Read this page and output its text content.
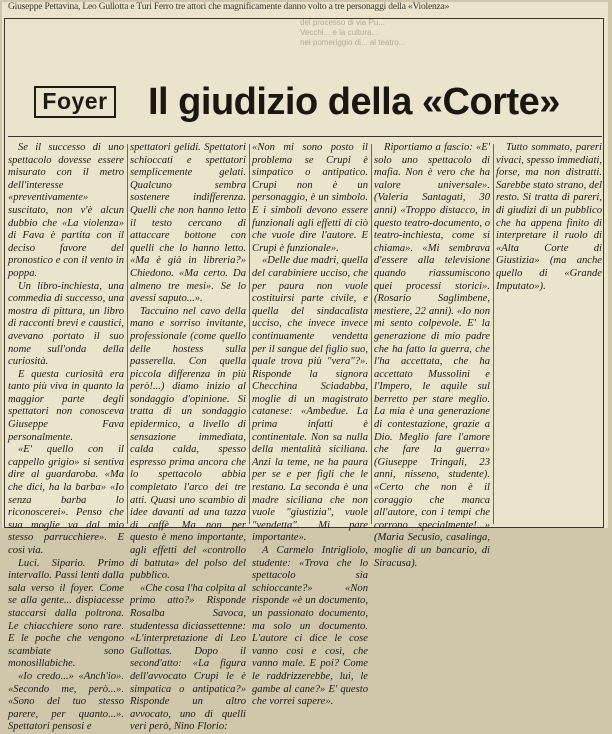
Giuseppe Pettavina, Leo Gullotta e Turi Ferro tre attori che magnificamente danno volto a tre personaggi della «Violenza»
del processo di via Pu...
Vecchi... e la cultura...
nel pomeriggio di... al teatro...
Foyer Il giudizio della «Corte»

Se il successo di uno spettacolo dovesse essere misurato con il metro dell'interesse «preventivamente» suscitato, non v'è alcun dubbio che «La violenza» di Fava è partita con il deciso favore del pronostico e con il vento in poppa.

Un libro-inchiesta, una commedia di successo, una mostra di pittura, un libro di racconti brevi e caustici, avevano portato il suo nome sull'onda della curiosità.

E questa curiosità era tanto più viva in quanto la maggior parte degli spettatori non conosceva Giuseppe Fava personalmente.

«E' quello con il cappello grigio» si sentiva dire al guardaroba. «Ma che dici, ha la barba» «Io senza barba lo riconoscerei». Penso che sua moglie va dal mio stesso parrucchiere». E così via.

Luci. Sipario. Primo intervallo. Passi lenti dalla sala verso il foyer. Come se alla gente... dispiacesse staccarsi dalla poltrona. Le chiacchiere sono rare. E le poche che vengono scambiate sono monosillabiche.

«Io credo...» «Anch'io». «Secondo me, però...». «Sono del tuo stesso parere, per quanto...». Spettatori pensosi e

spettatori gelidi. Spettatori schioccati e spettatori semplicemente gelati. Qualcuno sembra sostenere indifferenza. Quelli che non hanno letto il testo cercano di attaccare bottone con quelli che lo hanno letto. «Ma è già in libreria?» Chiedono. «Ma certo. Da almeno tre mesi». Se lo avessi saputo...».

Taccuino nel cavo della mano e sorriso invitante, professionale (come quello delle hostess sulla passerella. Con quella piccola differenza in più però!...) diamo inizio al sondaggio d'opinione. Si tratta di un sondaggio epidermico, a livello di sensazione immediata, calda calda, spesso espresso prima ancora che lo spettacolo abbia completato l'arco dei tre atti. Quasi uno scambio di idee davanti ad una tazza di caffè. Ma non per questo è meno importante, agli effetti del «controllo di battuta» del polso del pubblico.

«Che cosa l'ha colpita al primo atto?» Risponde Rosalba Savoca, studentessa diciassettenne: «L'interpretazione di Leo Gullottas. Dopo il second'atto: «La figura dell'avvocato Crupi le è simpatica o antipatica?» Risponde un altro avvocato, uno di quelli veri però, Nino Florio:

«Non mi sono posto il problema se Crupi è simpatico o antipatico. Crupi non è un personaggio, è un simbolo. E i simboli devono essere funzionali agli effetti di ciò che vuole dire l'autore. E Crupi è funzionale».

«Delle due madri, quella del carabiniere ucciso, che per paura non vuole costituirsi parte civile, e quella del sindacalista ucciso, che invece invece continuamente vendetta per il sangue del figlio suo, quale trova più "vera"?». Risponde la signora Checchina Sciadabba, moglie di un magistrato catanese: «Ambedue. La prima infatti è continentale. Non sa nulla della mentalità siciliana. Anzi la teme, ne ha paura per se e per figli che le restano. La seconda è una madre siciliana che non vuole "giustizia", vuole "vendetta". Mi pare importante».

A Carmelo Intrigliolo, studente: «Trova che lo spettacolo sia schioccante?» «Non risponde «è un documento, un passionato documento, ma solo un documento. L'autore ci dice le cose vanno così e così, che vanno male. E poi? Come le raddrizzerebbe, lui, le gambe al cane?» E' questo che vorrei sapere».

Riportiamo a fascio: «E' solo uno spettacolo di mafia. Non è vero che ha valore universale». (Valeria Santagati, 30 anni) «Troppo distacco, in questo teatro-documento, o teatro-inchiesta, come si chiama». «Mi sembrava d'essere alla televisione quando riassumiscono quei processi storici». (Rosario Saglimbene, mestiere, 22 anni). «Io non mi sento colpevole. E' la generazione di mio padre che ha fatto la guerra, che l'ha accettata, che ha accettato Mussolini e l'Impero, le aquile sul berretto per stare meglio. La mia è una generazione di contestazione, grazie a Dio. Meglio fare l'amore che fare la guerra» (Giuseppe Tringali, 23 anni, nisseno, studente). «Certo che non è il coraggio che manca all'autore, con i tempi che corrono specialmente!...» (Maria Secusio, casalinga, moglie di un bancario, di Siracusa).

Tutto sommato, pareri vivaci, spesso immediati, forse, ma non distratti. Sarebbe stato strano, del resto. Si tratta di pareri, di giudizi di un pubblico che ha appena finito di interpretare il ruolo di «Alta Corte di Giustizia» (ma anche quello di «Grande Imputato»).
